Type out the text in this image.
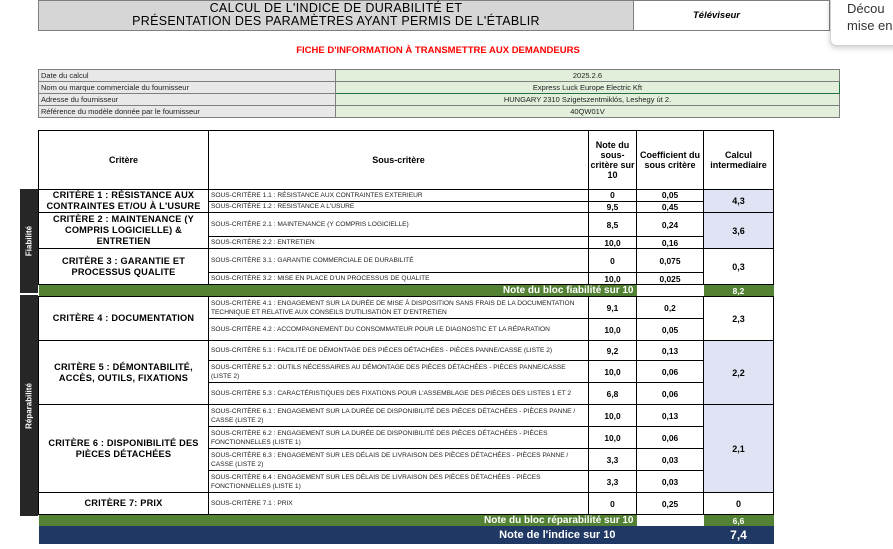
CALCUL DE L'INDICE DE DURABILITÉ ET
PRÉSENTATION DES PARAMÈTRES AYANT PERMIS DE L'ÉTABLIR	Téléviseur	Décou
mise en
FICHE D'INFORMATION À TRANSMETTRE AUX DEMANDEURS
Date du calcul	2025.2.6
Nom ou marque commerciale du fournisseur	Express Luck Europe Electric Kft
Adresse du fournisseur	HUNGARY 2310 Szigetszentmiklós, Leshegy út 2.
Référence du modèle donnée par le fournisseur	40QW01V
Fiabilité
Réparabilité
Critère	Sous-critère	Note du sous-critère sur 10	Coefficient du sous critère	Calcul intermediaire
CRITÈRE 1 : RÉSISTANCE AUX CONTRAINTES ET/OU À L'USURE	SOUS-CRITÈRE 1.1 : RÉSISTANCE AUX CONTRAINTES EXTERIEUR	0	0,05	4,3
	SOUS-CRITÈRE 1.2 : RESISTANCE A L'USURE	9,5	0,45	
CRITÈRE 2 : MAINTENANCE (Y COMPRIS LOGICIELLE) & ENTRETIEN	SOUS-CRITÈRE 2.1 : MAINTENANCE (Y COMPRIS LOGICIELLE)	8,5	0,24	3,6
	SOUS-CRITÈRE 2.2 : ENTRETIEN	10,0	0,16	
CRITÈRE 3 : GARANTIE ET PROCESSUS QUALITE	SOUS-CRITÈRE 3.1 : GARANTIE COMMERCIALE DE DURABILITÉ	0	0,075	0,3
	SOUS-CRITÈRE 3.2 : MISE EN PLACE D'UN PROCESSUS DE QUALITE	10,0	0,025	
Note du bloc fiabilité sur 10				8,2
CRITÈRE 4 : DOCUMENTATION	SOUS-CRITÈRE 4.1 : ENGAGEMENT SUR LA DURÉE DE MISE À DISPOSITION SANS FRAIS DE LA DOCUMENTATION TECHNIQUE ET RELATIVE AUX CONSEILS D'UTILISATION ET D'ENTRETIEN	9,1	0,2	2,3
	SOUS-CRITÈRE 4.2 : ACCOMPAGNEMENT DU CONSOMMATEUR POUR LE DIAGNOSTIC ET LA RÉPARATION	10,0	0,05	
CRITÈRE 5 : DÉMONTABILITÉ, ACCÈS, OUTILS, FIXATIONS	SOUS-CRITÈRE 5.1 : FACILITÉ DE DÉMONTAGE DES PIÈCES DÉTACHÉES - PIÈCES PANNE/CASSE (LISTE 2)	9,2	0,13	2,2
	SOUS-CRITÈRE 5.2 : OUTILS NÉCESSAIRES AU DÉMONTAGE DES PIÈCES DÉTACHÉES - PIÈCES PANNE/CASSE (LISTE 2)	10,0	0,06	
	SOUS-CRITÈRE 5.3 : CARACTÉRISTIQUES DES FIXATIONS POUR L'ASSEMBLAGE DES PIÈCES DES LISTES 1 ET 2	6,8	0,06	
CRITÈRE 6 : DISPONIBILITÉ DES PIÈCES DÉTACHÉES	SOUS-CRITÈRE 6.1 : ENGAGEMENT SUR LA DURÉE DE DISPONIBILITÉ DES PIÈCES DÉTACHÉES - PIÈCES PANNE / CASSE (LISTE 2)	10,0	0,13	2,1
	SOUS-CRITÈRE 6.2 : ENGAGEMENT SUR LA DURÉE DE DISPONIBILITÉ DES PIÈCES DÉTACHÉES - PIÈCES FONCTIONNELLES (LISTE 1)	10,0	0,06	
	SOUS-CRITÈRE 6.3 : ENGAGEMENT SUR LES DÉLAIS DE LIVRAISON DES PIÈCES DÉTACHÉES - PIÈCES PANNE / CASSE (LISTE 2)	3,3	0,03	
	SOUS-CRITÈRE 6.4 : ENGAGEMENT SUR LES DÉLAIS DE LIVRAISON DES PIÈCES DÉTACHÉES - PIÈCES FONCTIONNELLES (LISTE 1)	3,3	0,03	
CRITÈRE 7: PRIX	SOUS-CRITÈRE 7.1 : PRIX	0	0,25	0
Note du bloc réparabilité sur 10				6,6
Note de l'indice sur 10				7,4
